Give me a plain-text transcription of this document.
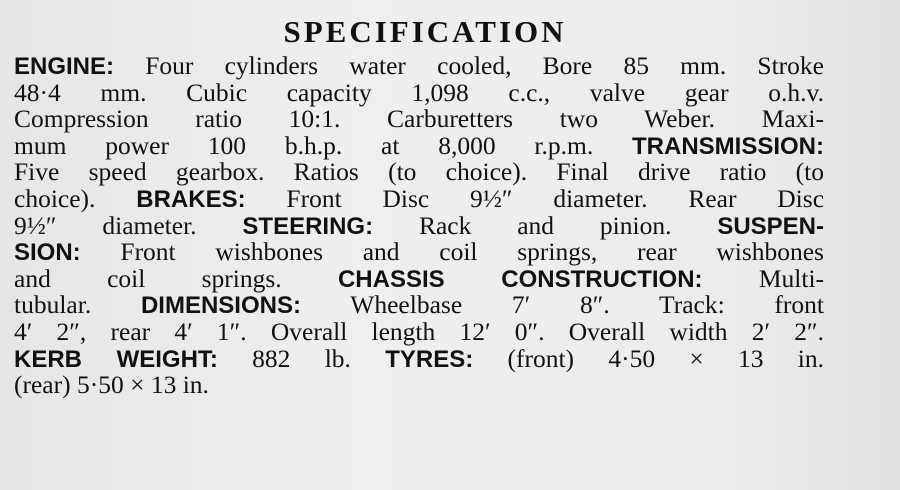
SPECIFICATION
ENGINE: Four cylinders water cooled, Bore 85 mm. Stroke
48·4 mm. Cubic capacity 1,098 c.c., valve gear o.h.v.
Compression ratio 10:1. Carburetters two Weber. Maxi-
mum power 100 b.h.p. at 8,000 r.p.m. TRANSMISSION:
Five speed gearbox. Ratios (to choice). Final drive ratio (to
choice). BRAKES: Front Disc 9½″ diameter. Rear Disc
9½″ diameter. STEERING: Rack and pinion. SUSPEN-
SION: Front wishbones and coil springs, rear wishbones
and coil springs. CHASSIS CONSTRUCTION: Multi-
tubular. DIMENSIONS: Wheelbase 7′ 8″. Track: front
4′ 2″, rear 4′ 1″. Overall length 12′ 0″. Overall width 2′ 2″.
KERB WEIGHT: 882 lb. TYRES: (front) 4·50 × 13 in.
(rear) 5·50 × 13 in.
